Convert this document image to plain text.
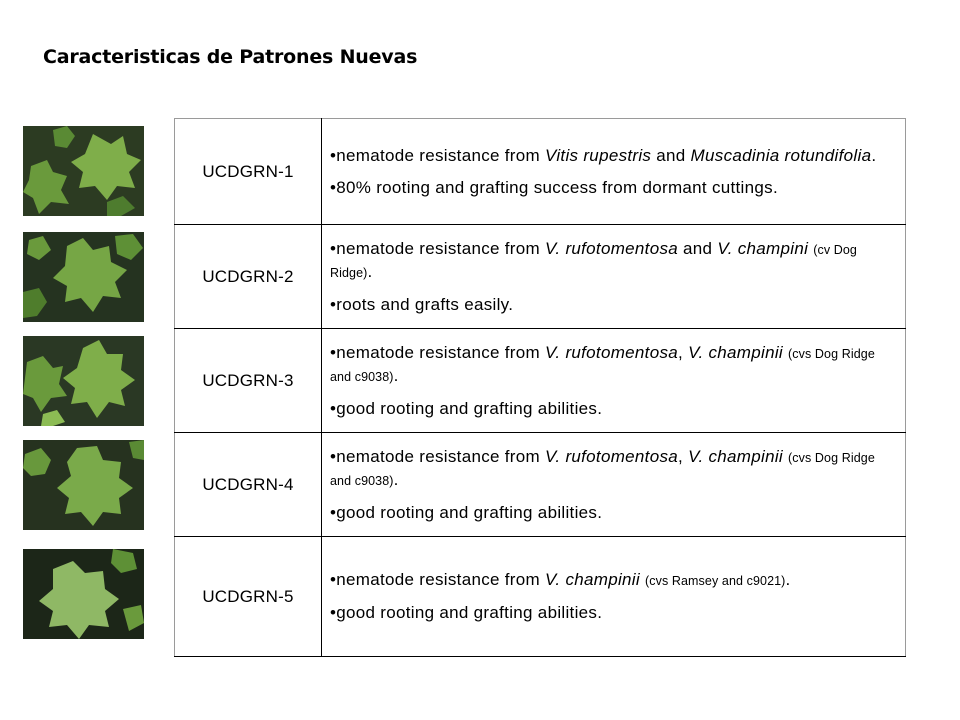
Caracteristicas de Patrones Nuevas
UCDGRN-1	•nematode resistance from Vitis rupestris and Muscadinia rotundifolia.

•80% rooting and grafting success from dormant cuttings.

UCDGRN-2	•nematode resistance from V. rufotomentosa and V. champini (cv Dog Ridge).

•roots and grafts easily.

UCDGRN-3	•nematode resistance from V. rufotomentosa, V. champinii (cvs Dog Ridge and c9038).

•good rooting and grafting abilities.

UCDGRN-4	•nematode resistance from V. rufotomentosa, V. champinii (cvs Dog Ridge and c9038).

•good rooting and grafting abilities.

UCDGRN-5	•nematode resistance from V. champinii (cvs Ramsey and c9021).

•good rooting and grafting abilities.
